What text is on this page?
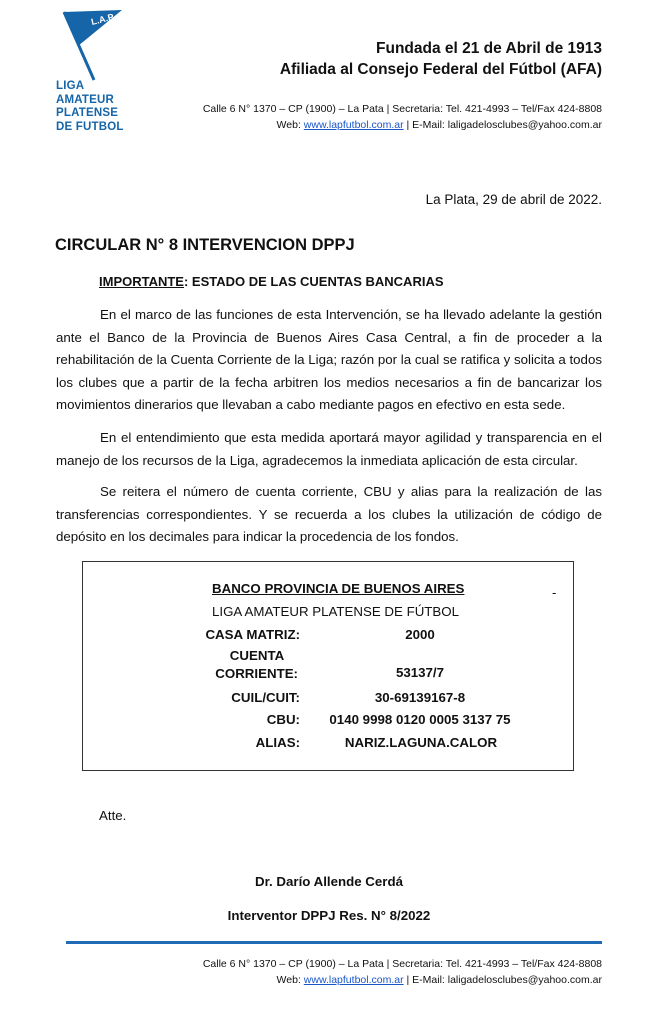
L.A.P.
LIGA
AMATEUR
PLATENSE
DE FUTBOL
Fundada el 21 de Abril de 1913
Afiliada al Consejo Federal del Fútbol (AFA)
Calle 6 N° 1370 – CP (1900) – La Pata | Secretaria: Tel. 421-4993 – Tel/Fax 424-8808
Web: www.lapfutbol.com.ar | E-Mail: laligadelosclubes@yahoo.com.ar
La Plata, 29 de abril de 2022.
CIRCULAR N° 8 INTERVENCION DPPJ
IMPORTANTE: ESTADO DE LAS CUENTAS BANCARIAS

En el marco de las funciones de esta Intervención, se ha llevado adelante la gestión ante el Banco de la Provincia de Buenos Aires Casa Central, a fin de proceder a la rehabilitación de la Cuenta Corriente de la Liga; razón por la cual se ratifica y solicita a todos los clubes que a partir de la fecha arbitren los medios necesarios a fin de bancarizar los movimientos dinerarios que llevaban a cabo mediante pagos en efectivo en esta sede.

En el entendimiento que esta medida aportará mayor agilidad y transparencia en el manejo de los recursos de la Liga, agradecemos la inmediata aplicación de esta circular.

Se reitera el número de cuenta corriente, CBU y alias para la realización de las transferencias correspondientes. Y se recuerda a los clubes la utilización de código de depósito en los decimales para indicar la procedencia de los fondos.

BANCO PROVINCIA DE BUENOS AIRES
LIGA AMATEUR PLATENSE DE FÚTBOL
-
CASA MATRIZ:	2000
CUENTA
CORRIENTE:	53137/7
CUIL/CUIT:	30-69139167-8
CBU:	0140 9998 0120 0005 3137 75
ALIAS:	NARIZ.LAGUNA.CALOR
Atte.
Dr. Darío Allende Cerdá
Interventor DPPJ Res. N° 8/2022
Calle 6 N° 1370 – CP (1900) – La Pata | Secretaria: Tel. 421-4993 – Tel/Fax 424-8808
Web: www.lapfutbol.com.ar | E-Mail: laligadelosclubes@yahoo.com.ar
